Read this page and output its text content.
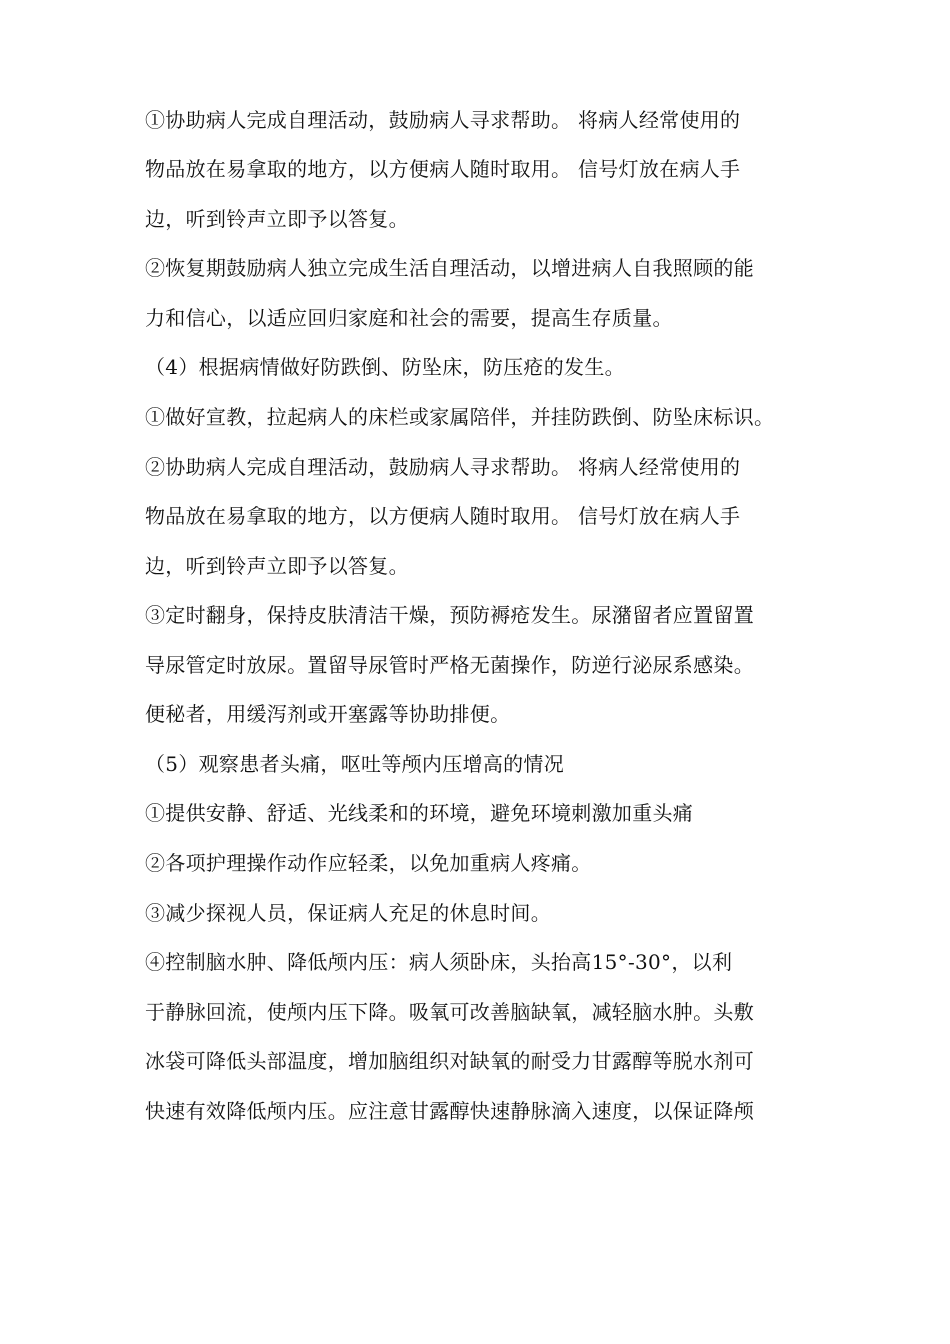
①协助病人完成自理活动，鼓励病人寻求帮助。 将病人经常使用的
物品放在易拿取的地方，以方便病人随时取用。 信号灯放在病人手
边，听到铃声立即予以答复。
②恢复期鼓励病人独立完成生活自理活动，以增进病人自我照顾的能
力和信心，以适应回归家庭和社会的需要，提高生存质量。
（4）根据病情做好防跌倒、防坠床，防压疮的发生。
①做好宣教，拉起病人的床栏或家属陪伴，并挂防跌倒、防坠床标识。
②协助病人完成自理活动，鼓励病人寻求帮助。 将病人经常使用的
物品放在易拿取的地方，以方便病人随时取用。 信号灯放在病人手
边，听到铃声立即予以答复。
③定时翻身，保持皮肤清洁干燥，预防褥疮发生。尿潴留者应置留置
导尿管定时放尿。置留导尿管时严格无菌操作，防逆行泌尿系感染。
便秘者，用缓泻剂或开塞露等协助排便。
（5）观察患者头痛，呕吐等颅内压增高的情况
①提供安静、舒适、光线柔和的环境，避免环境刺激加重头痛
②各项护理操作动作应轻柔，以免加重病人疼痛。
③减少探视人员，保证病人充足的休息时间。
④控制脑水肿、降低颅内压：病人须卧床，头抬高15°-30°，以利
于静脉回流，使颅内压下降。吸氧可改善脑缺氧，减轻脑水肿。头敷
冰袋可降低头部温度，增加脑组织对缺氧的耐受力甘露醇等脱水剂可
快速有效降低颅内压。应注意甘露醇快速静脉滴入速度，以保证降颅
